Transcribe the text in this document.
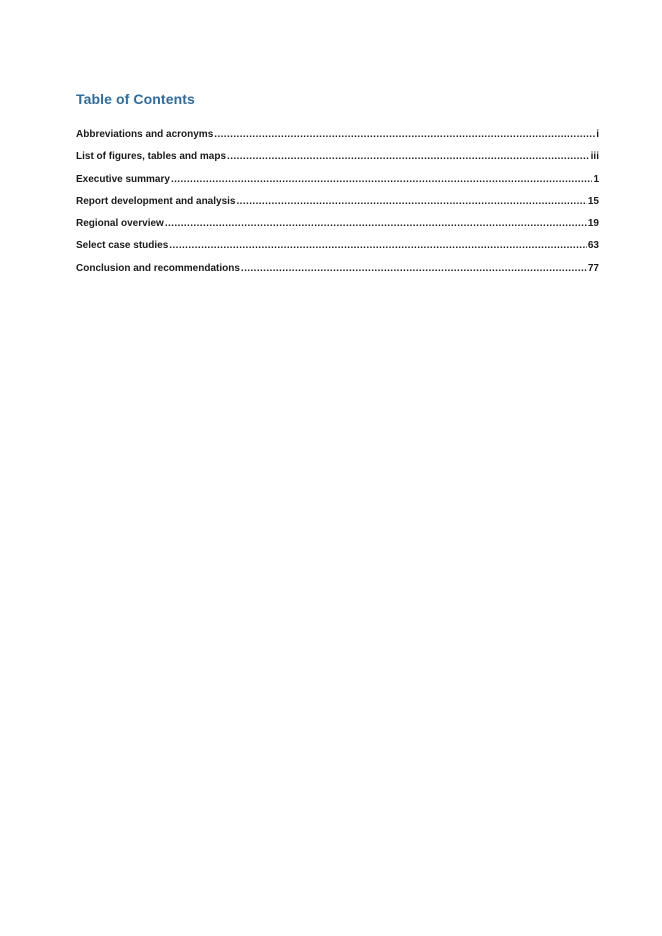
Table of Contents
Abbreviations and acronyms .....	i
List of figures, tables and maps .....	iii
Executive summary .....	1
Report development and analysis .....	15
Regional overview .....	19
Select case studies .....	63
Conclusion and recommendations .....	77
